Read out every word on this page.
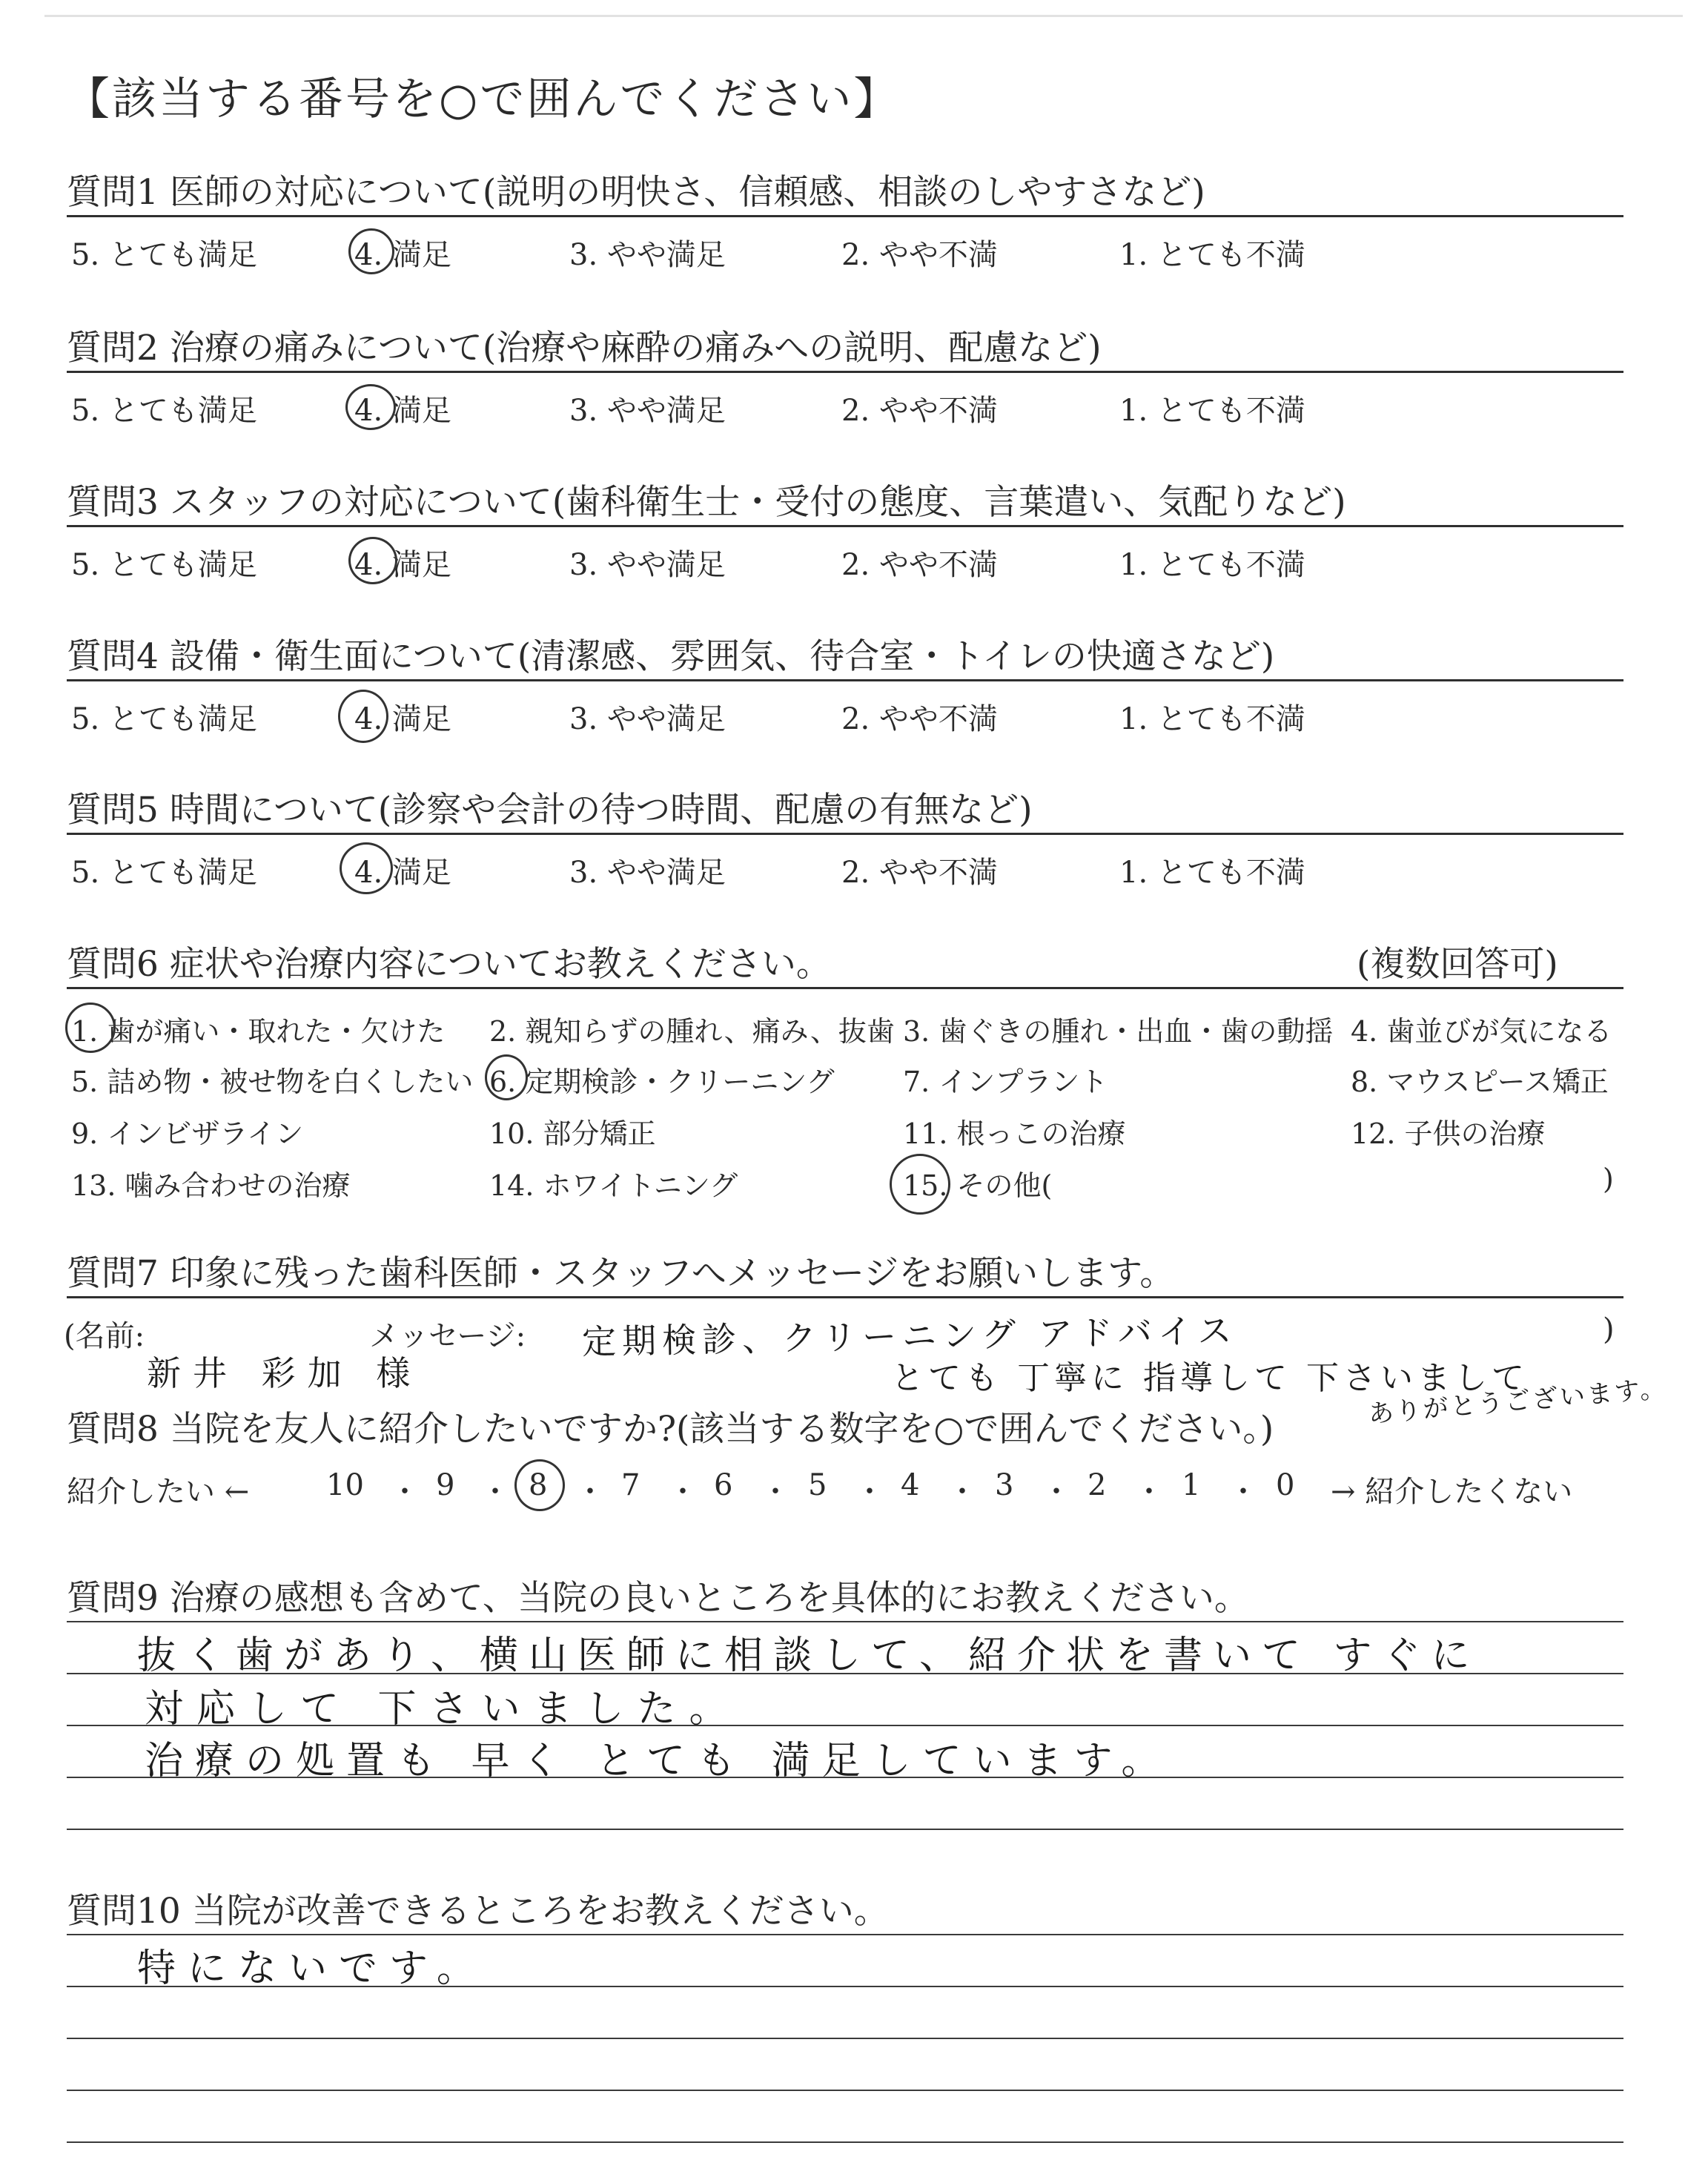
【該当する番号を○で囲んでください】
質問1 医師の対応について(説明の明快さ、信頼感、相談のしやすさなど)
5. とても満足	4. 満足	3. やや満足	2. やや不満	1. とても不満
質問2 治療の痛みについて(治療や麻酔の痛みへの説明、配慮など)
5. とても満足	4. 満足	3. やや満足	2. やや不満	1. とても不満
質問3 スタッフの対応について(歯科衛生士・受付の態度、言葉遣い、気配りなど)
5. とても満足	4. 満足	3. やや満足	2. やや不満	1. とても不満
質問4 設備・衛生面について(清潔感、雰囲気、待合室・トイレの快適さなど)
5. とても満足	4. 満足	3. やや満足	2. やや不満	1. とても不満
質問5 時間について(診察や会計の待つ時間、配慮の有無など)
5. とても満足	4. 満足	3. やや満足	2. やや不満	1. とても不満
質問6 症状や治療内容についてお教えください。	(複数回答可)
1. 歯が痛い・取れた・欠けた 2. 親知らずの腫れ、痛み、抜歯 3. 歯ぐきの腫れ・出血・歯の動揺 4. 歯並びが気になる
5. 詰め物・被せ物を白くしたい 6. 定期検診・クリーニング 7. インプラント	8. マウスピース矯正
9. インビザライン	10. 部分矯正	11. 根っこの治療	12. 子供の治療
13. 噛み合わせの治療	14. ホワイトニング	15. その他(	)
質問7 印象に残った歯科医師・スタッフへメッセージをお願いします。
(名前:	メッセージ:	)
新井 彩加 様
定期検診、クリーニング アドバイス
とても 丁寧に 指導して 下さいまして
ありがとうございます。
質問8 当院を友人に紹介したいですか?(該当する数字を○で囲んでください。)
紹介したい ←	10 ・ 9 ・ 8 ・ 7 ・ 6 ・ 5 ・ 4 ・ 3 ・ 2 ・ 1 ・ 0 → 紹介したくない
質問9 治療の感想も含めて、当院の良いところを具体的にお教えください。
抜く歯があり、横山医師に相談して、紹介状を書いて すぐに
対応して 下さいました。
治療の処置も 早く とても 満足しています。
質問10 当院が改善できるところをお教えください。
特にないです。
